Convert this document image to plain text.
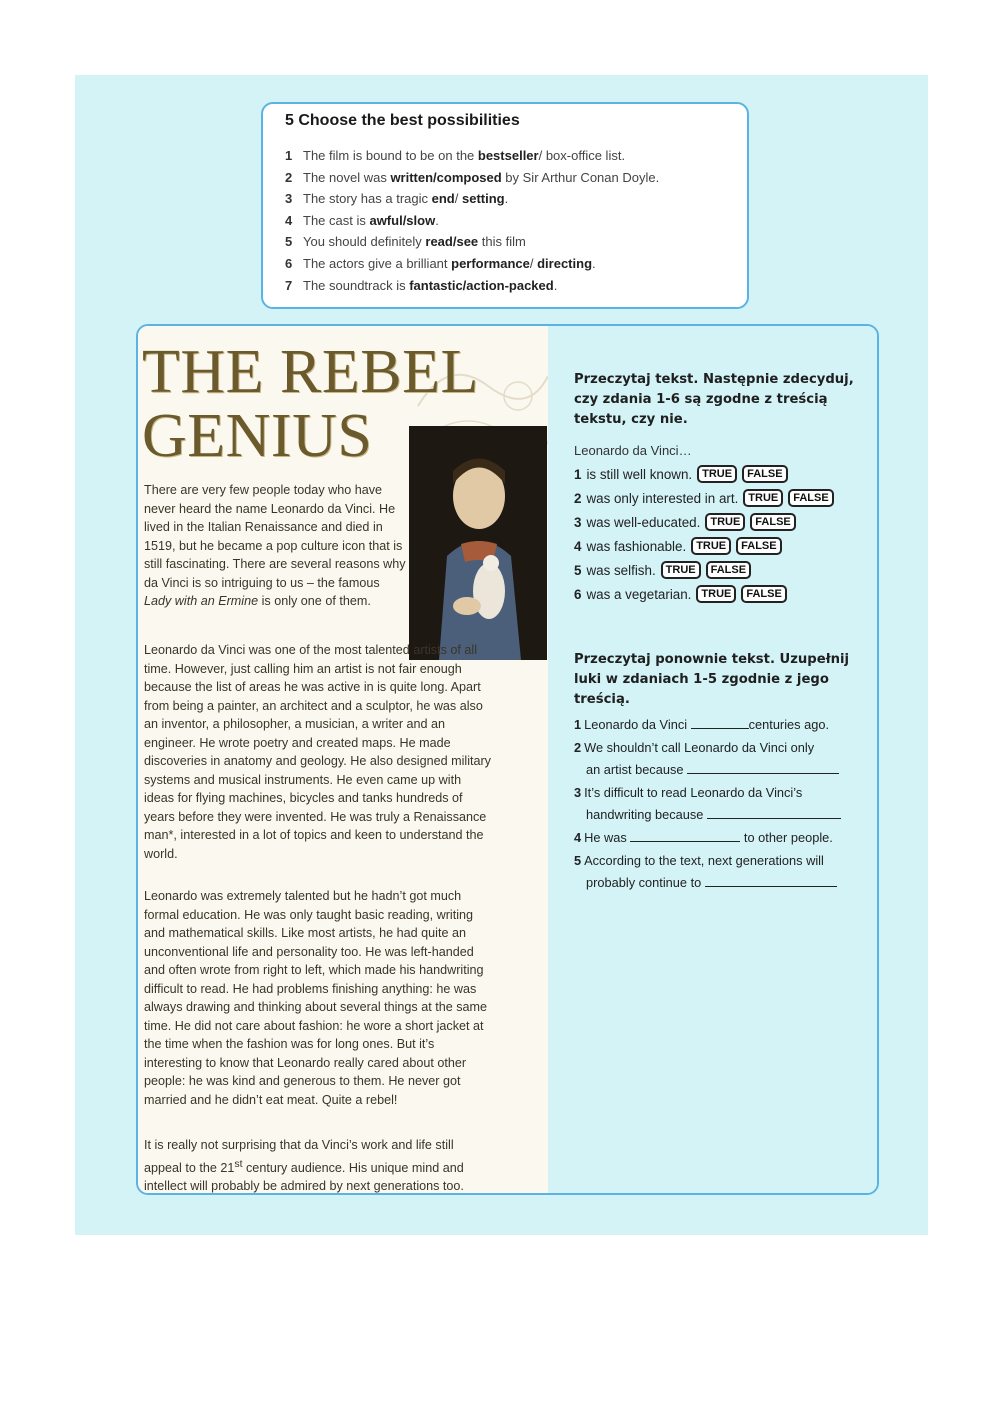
5 Choose the best possibilities
1 The film is bound to be on the bestseller/ box-office list.
2 The novel was written/composed by Sir Arthur Conan Doyle.
3 The story has a tragic end/ setting.
4 The cast is awful/slow.
5 You should definitely read/see this film
6 The actors give a brilliant performance/ directing.
7 The soundtrack is fantastic/action-packed.
THE REBEL
GENIUS

There are very few people today who have never heard the name Leonardo da Vinci. He lived in the Italian Renaissance and died in 1519, but he became a pop culture icon that is still fascinating. There are several reasons why da Vinci is so intriguing to us – the famous Lady with an Ermine is only one of them.

Leonardo da Vinci was one of the most talented artists of all time. However, just calling him an artist is not fair enough because the list of areas he was active in is quite long. Apart from being a painter, an architect and a sculptor, he was also an inventor, a philosopher, a musician, a writer and an engineer. He wrote poetry and created maps. He made discoveries in anatomy and geology. He also designed military systems and musical instruments. He even came up with ideas for flying machines, bicycles and tanks hundreds of years before they were invented. He was truly a Renaissance man*, interested in a lot of topics and keen to understand the world.

Leonardo was extremely talented but he hadn’t got much formal education. He was only taught basic reading, writing and mathematical skills. Like most artists, he had quite an unconventional life and personality too. He was left-handed and often wrote from right to left, which made his handwriting difficult to read. He had problems finishing anything: he was always drawing and thinking about several things at the same time. He did not care about fashion: he wore a short jacket at the time when the fashion was for long ones. But it’s interesting to know that Leonardo really cared about other people: he was kind and generous to them. He never got married and he didn’t eat meat. Quite a rebel!

It is really not surprising that da Vinci’s work and life still appeal to the 21st century audience. His unique mind and intellect will probably be admired by next generations too.

Przeczytaj tekst. Następnie zdecyduj, czy zdania 1-6 są zgodne z treścią tekstu, czy nie.
Leonardo da Vinci…
1 is still well known. TRUE	FALSE
2 was only interested in art. TRUE	FALSE
3 was well-educated. TRUE	FALSE
4 was fashionable. TRUE	FALSE
5 was selfish. TRUE	FALSE
6 was a vegetarian. TRUE	FALSE
Przeczytaj ponownie tekst. Uzupełnij luki w zdaniach 1-5 zgodnie z jego treścią.
1 Leonardo da Vinci	centuries ago.
2 We shouldn’t call Leonardo da Vinci only
an artist because
3 It’s difficult to read Leonardo da Vinci’s
handwriting because
4 He was	to other people.
5 According to the text, next generations will
probably continue to
